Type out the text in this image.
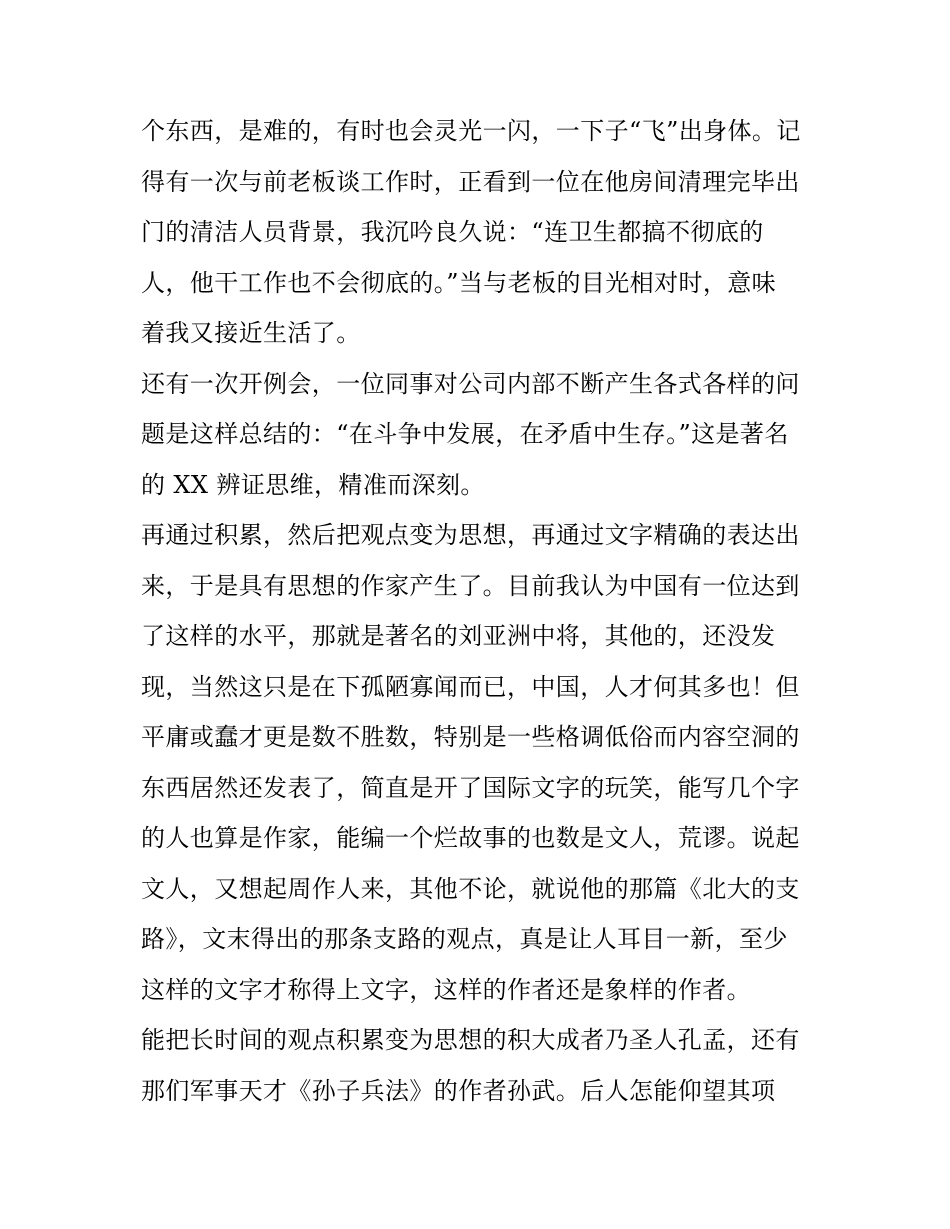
个东西，是难的，有时也会灵光一闪，一下子“飞”出身体。记
得有一次与前老板谈工作时，正看到一位在他房间清理完毕出
门的清洁人员背景，我沉吟良久说：“连卫生都搞不彻底的
人，他干工作也不会彻底的。”当与老板的目光相对时，意味
着我又接近生活了。
还有一次开例会，一位同事对公司内部不断产生各式各样的问
题是这样总结的：“在斗争中发展，在矛盾中生存。”这是著名
的 XX 辨证思维，精准而深刻。
再通过积累，然后把观点变为思想，再通过文字精确的表达出
来，于是具有思想的作家产生了。目前我认为中国有一位达到
了这样的水平，那就是著名的刘亚洲中将，其他的，还没发
现，当然这只是在下孤陋寡闻而已，中国，人才何其多也！但
平庸或蠢才更是数不胜数，特别是一些格调低俗而内容空洞的
东西居然还发表了，简直是开了国际文字的玩笑，能写几个字
的人也算是作家，能编一个烂故事的也数是文人，荒谬。说起
文人，又想起周作人来，其他不论，就说他的那篇《北大的支
路》，文末得出的那条支路的观点，真是让人耳目一新，至少
这样的文字才称得上文字，这样的作者还是象样的作者。
能把长时间的观点积累变为思想的积大成者乃圣人孔孟，还有
那们军事天才《孙子兵法》的作者孙武。后人怎能仰望其项
